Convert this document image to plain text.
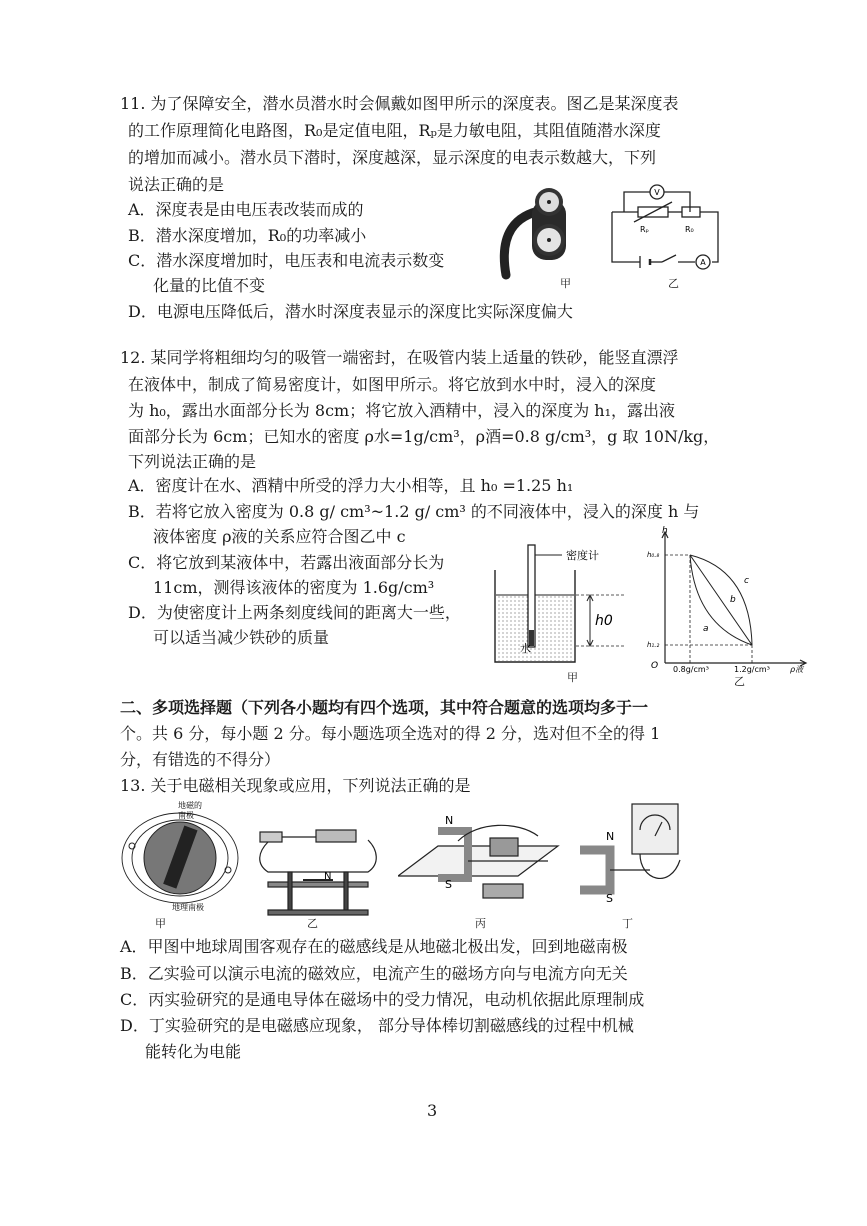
11. 为了保障安全，潜水员潜水时会佩戴如图甲所示的深度表。图乙是某深度表
的工作原理简化电路图，R₀是定值电阻，Rₚ是力敏电阻，其阻值随潜水深度
的增加而减小。潜水员下潜时，深度越深，显示深度的电表示数越大，下列
说法正确的是
A．深度表是由电压表改装而成的
B．潜水深度增加，R₀的功率减小
C．潜水深度增加时，电压表和电流表示数变
化量的比值不变
D．电源电压降低后，潜水时深度表显示的深度比实际深度偏大
甲
V
A
Rₚ	R₀
乙
12. 某同学将粗细均匀的吸管一端密封，在吸管内装上适量的铁砂，能竖直漂浮
在液体中，制成了简易密度计，如图甲所示。将它放到水中时，浸入的深度
为 h₀，露出水面部分长为 8cm；将它放入酒精中，浸入的深度为 h₁，露出液
面部分长为 6cm；已知水的密度 ρ水=1g/cm³，ρ酒=0.8 g/cm³，g 取 10N/kg，
下列说法正确的是
A．密度计在水、酒精中所受的浮力大小相等，且 h₀ =1.25 h₁
B．若将它放入密度为 0.8 g/ cm³~1.2 g/ cm³ 的不同液体中，浸入的深度 h 与
液体密度 ρ液的关系应符合图乙中 c
C．将它放到某液体中，若露出液面部分长为
11cm，测得该液体的密度为 1.6g/cm³
D．为使密度计上两条刻度线间的距离大一些，
可以适当减少铁砂的质量
密度计
h0
水
甲
h
h₀.₈
h₁.₂
O 0.8g/cm³	1.2g/cm³	ρ液
a
b
c
乙
二、多项选择题（下列各小题均有四个选项，其中符合题意的选项均多于一
个。共 6 分，每小题 2 分。每小题选项全选对的得 2 分，选对但不全的得 1
分，有错选的不得分）
13. 关于电磁相关现象或应用，下列说法正确的是
地磁的
南极
地理南极
甲
N
乙
N
S
丙
N
S
丁
A．甲图中地球周围客观存在的磁感线是从地磁北极出发，回到地磁南极
B．乙实验可以演示电流的磁效应，电流产生的磁场方向与电流方向无关
C．丙实验研究的是通电导体在磁场中的受力情况，电动机依据此原理制成
D．丁实验研究的是电磁感应现象， 部分导体棒切割磁感线的过程中机械
能转化为电能
3
